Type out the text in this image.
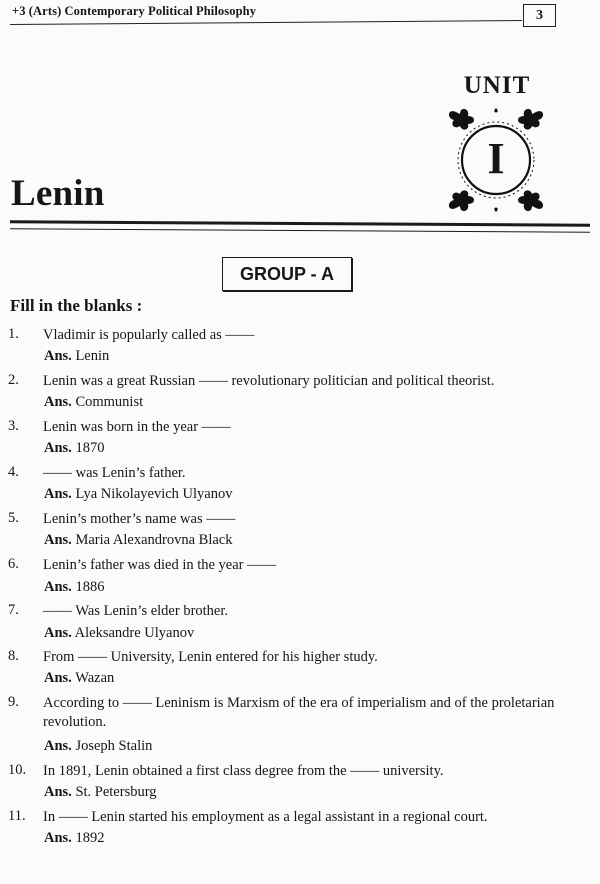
+3 (Arts) Contemporary Political Philosophy	3
UNIT
I
Lenin
GROUP - A
Fill in the blanks :
1. Vladimir is popularly called as ——
Ans. Lenin
2. Lenin was a great Russian —— revolutionary politician and political theorist.
Ans. Communist
3. Lenin was born in the year ——
Ans. 1870
4. —— was Lenin’s father.
Ans. Lya Nikolayevich Ulyanov
5. Lenin’s mother’s name was ——
Ans. Maria Alexandrovna Black
6. Lenin’s father was died in the year ——
Ans. 1886
7. —— Was Lenin’s elder brother.
Ans. Aleksandre Ulyanov
8. From —— University, Lenin entered for his higher study.
Ans. Wazan
9. According to —— Leninism is Marxism of the era of imperialism and of the proletarian revolution.
Ans. Joseph Stalin
10. In 1891, Lenin obtained a first class degree from the —— university.
Ans. St. Petersburg
11. In —— Lenin started his employment as a legal assistant in a regional court.
Ans. 1892
